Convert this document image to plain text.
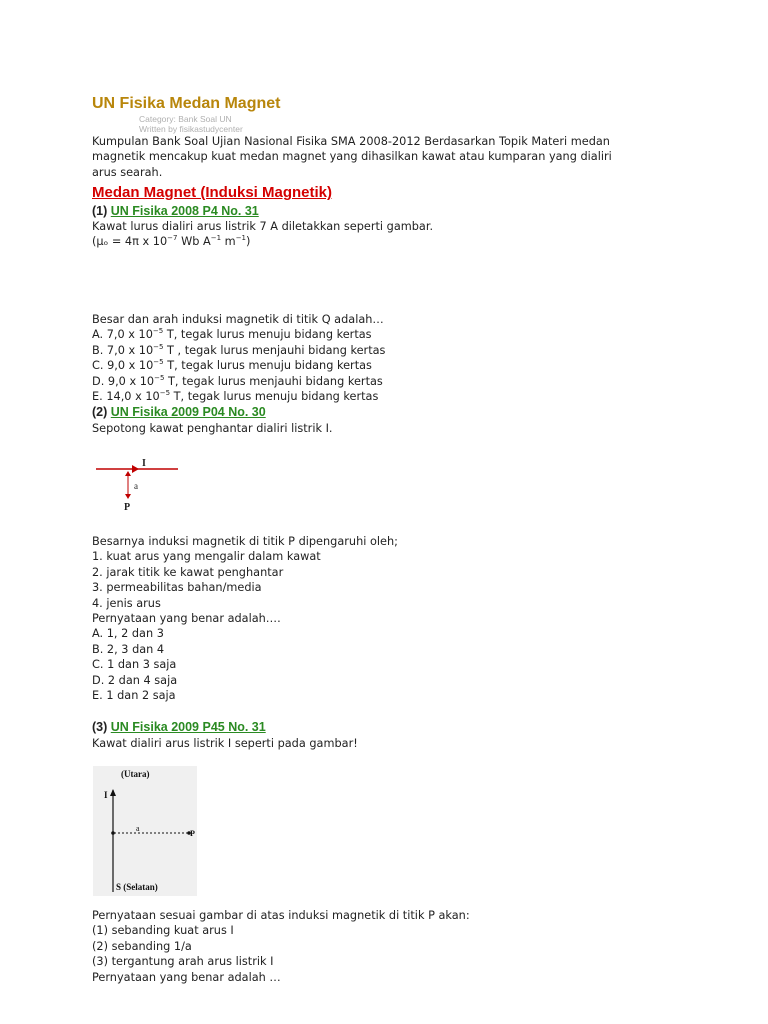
UN Fisika Medan Magnet
Category: Bank Soal UN
Written by fisikastudycenter

Kumpulan Bank Soal Ujian Nasional Fisika SMA 2008-2012 Berdasarkan Topik Materi medan

magnetik mencakup kuat medan magnet yang dihasilkan kawat atau kumparan yang dialiri

arus searah.

Medan Magnet (Induksi Magnetik)
(1) UN Fisika 2008 P4 No. 31

Kawat lurus dialiri arus listrik 7 A diletakkan seperti gambar.

(μₒ = 4π x $10^{-7}$ Wb $A^{-1}$ $m^{-1}$)

Besar dan arah induksi magnetik di titik Q adalah…

A. 7,0 x $10^{-5}$ T, tegak lurus menuju bidang kertas

B. 7,0 x $10^{-5}$ T , tegak lurus menjauhi bidang kertas

C. 9,0 x $10^{-5}$ T, tegak lurus menuju bidang kertas

D. 9,0 x $10^{-5}$ T, tegak lurus menjauhi bidang kertas

E. 14,0 x $10^{-5}$ T, tegak lurus menuju bidang kertas

(2) UN Fisika 2009 P04 No. 30

Sepotong kawat penghantar dialiri listrik I.

I
a
P

Besarnya induksi magnetik di titik P dipengaruhi oleh;

1. kuat arus yang mengalir dalam kawat

2. jarak titik ke kawat penghantar

3. permeabilitas bahan/media

4. jenis arus

Pernyataan yang benar adalah….

A. 1, 2 dan 3

B. 2, 3 dan 4

C. 1 dan 3 saja

D. 2 dan 4 saja

E. 1 dan 2 saja

(3) UN Fisika 2009 P45 No. 31

Kawat dialiri arus listrik I seperti pada gambar!

(Utara)
I
a
P
S (Selatan)

Pernyataan sesuai gambar di atas induksi magnetik di titik P akan:

(1) sebanding kuat arus I

(2) sebanding 1/a

(3) tergantung arah arus listrik I

Pernyataan yang benar adalah …
